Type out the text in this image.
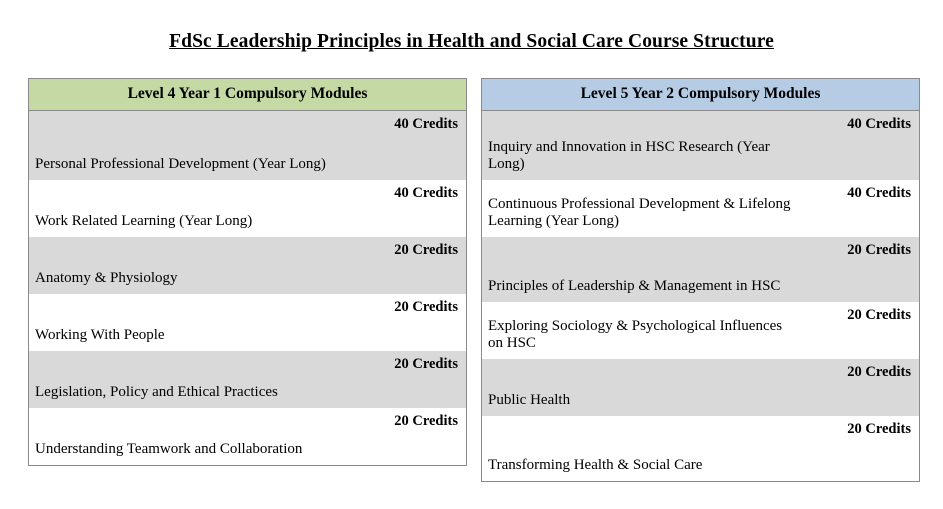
FdSc Leadership Principles in Health and Social Care Course Structure
Level 4 Year 1 Compulsory Modules
Personal Professional Development (Year Long)	40 Credits
Work Related Learning (Year Long)	40 Credits
Anatomy & Physiology	20 Credits
Working With People	20 Credits
Legislation, Policy and Ethical Practices	20 Credits
Understanding Teamwork and Collaboration	20 Credits
Level 5 Year 2 Compulsory Modules
Inquiry and Innovation in HSC Research (Year Long)	40 Credits
Continuous Professional Development & Lifelong Learning (Year Long)	40 Credits
Principles of Leadership & Management in HSC	20 Credits
Exploring Sociology & Psychological Influences on HSC	20 Credits
Public Health	20 Credits
Transforming Health & Social Care	20 Credits
